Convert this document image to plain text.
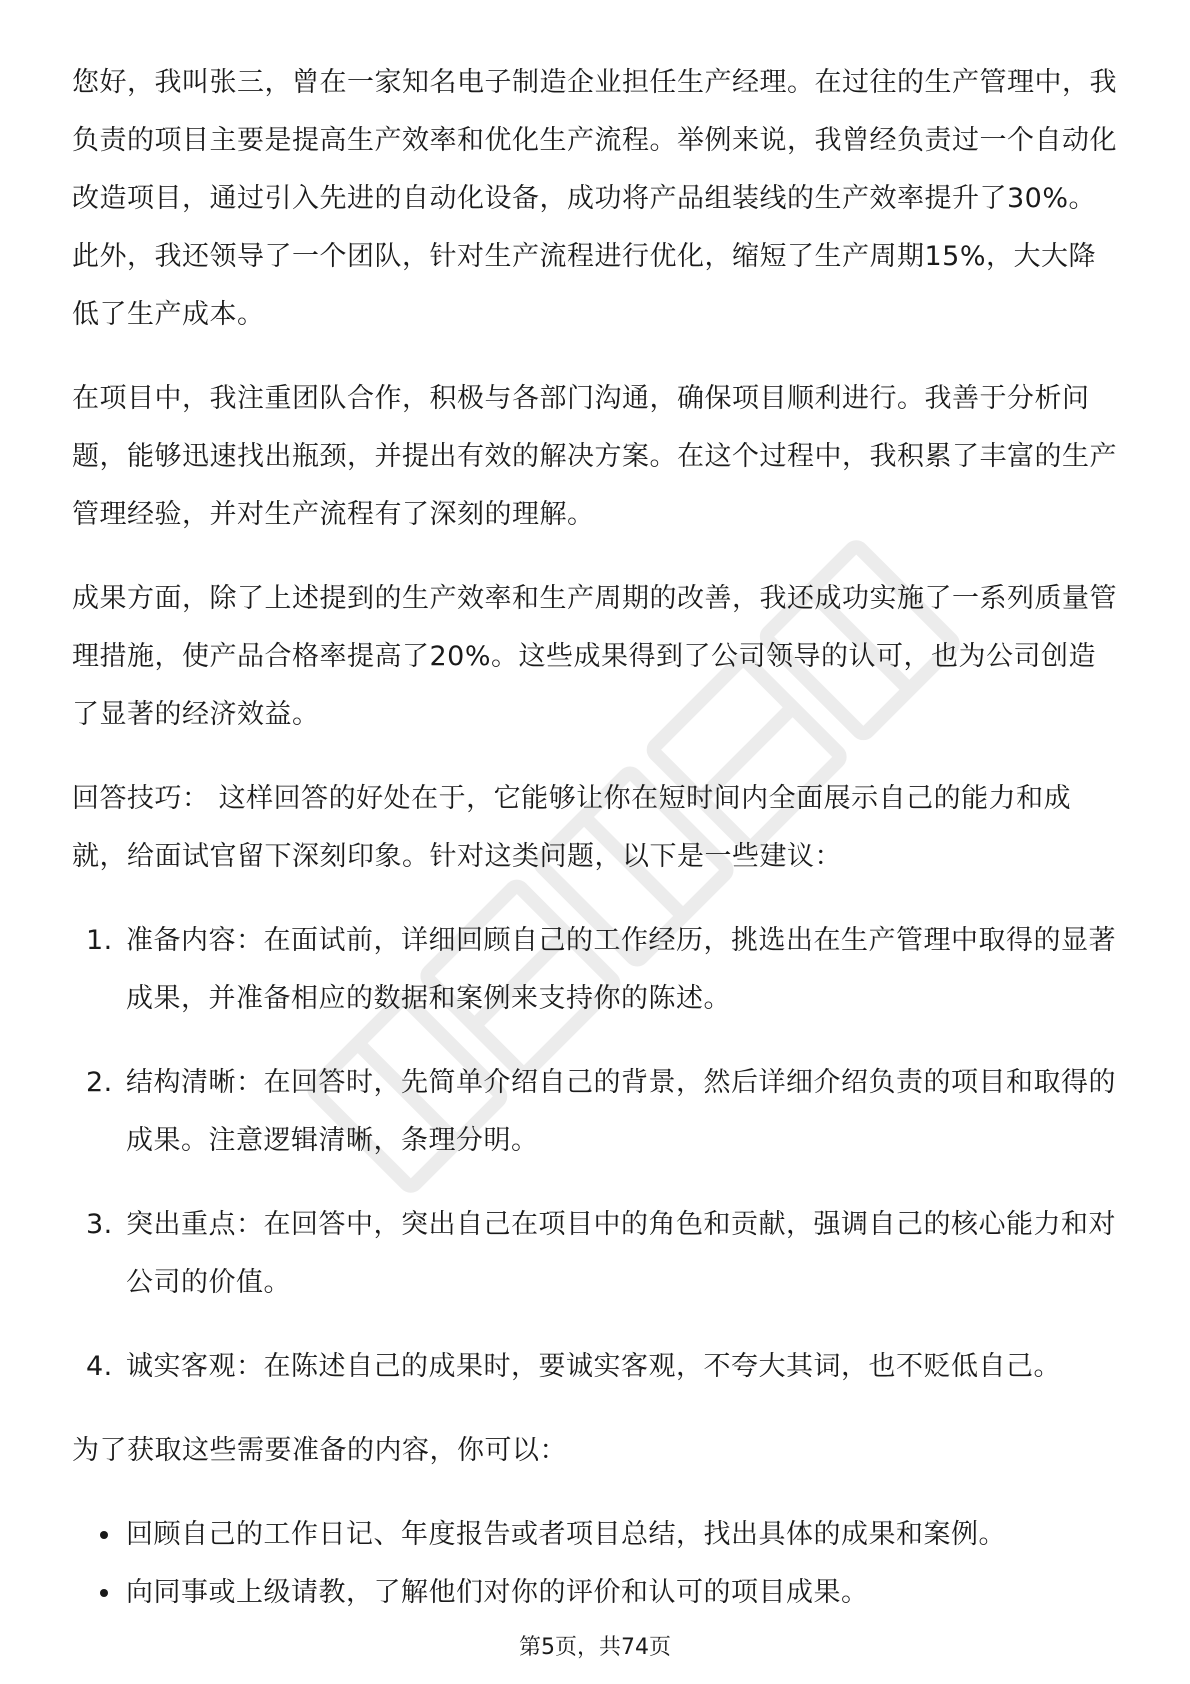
您好，我叫张三，曾在一家知名电子制造企业担任生产经理。在过往的生产管理中，我负责的项目主要是提高生产效率和优化生产流程。举例来说，我曾经负责过一个自动化改造项目，通过引入先进的自动化设备，成功将产品组装线的生产效率提升了30%。此外，我还领导了一个团队，针对生产流程进行优化，缩短了生产周期15%，大大降低了生产成本。

在项目中，我注重团队合作，积极与各部门沟通，确保项目顺利进行。我善于分析问题，能够迅速找出瓶颈，并提出有效的解决方案。在这个过程中，我积累了丰富的生产管理经验，并对生产流程有了深刻的理解。

成果方面，除了上述提到的生产效率和生产周期的改善，我还成功实施了一系列质量管理措施，使产品合格率提高了20%。这些成果得到了公司领导的认可，也为公司创造了显著的经济效益。

回答技巧： 这样回答的好处在于，它能够让你在短时间内全面展示自己的能力和成就，给面试官留下深刻印象。针对这类问题，以下是一些建议：

1. 准备内容：在面试前，详细回顾自己的工作经历，挑选出在生产管理中取得的显著成果，并准备相应的数据和案例来支持你的陈述。
2. 结构清晰：在回答时，先简单介绍自己的背景，然后详细介绍负责的项目和取得的成果。注意逻辑清晰，条理分明。
3. 突出重点：在回答中，突出自己在项目中的角色和贡献，强调自己的核心能力和对公司的价值。
4. 诚实客观：在陈述自己的成果时，要诚实客观，不夸大其词，也不贬低自己。

为了获取这些需要准备的内容，你可以：

回顾自己的工作日记、年度报告或者项目总结，找出具体的成果和案例。
向同事或上级请教，了解他们对你的评价和认可的项目成果。
第5页，共74页
